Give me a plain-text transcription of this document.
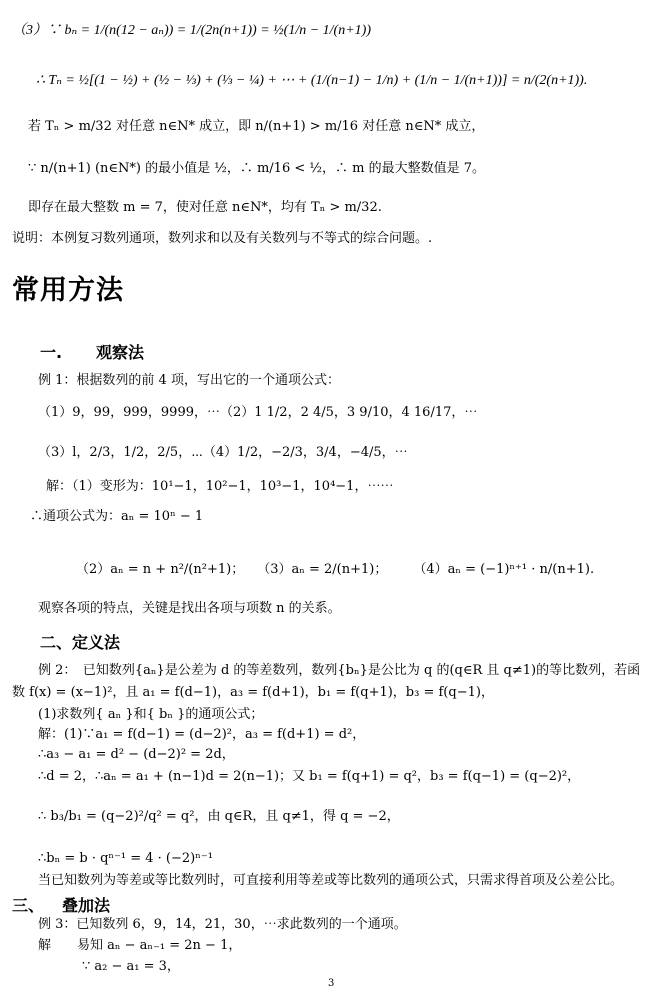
（3）∵ bₙ = 1/(n(12 − aₙ)) = 1/(2n(n+1)) = ½(1/n − 1/(n+1))
∴ Tₙ = ½[(1 − ½) + (½ − ⅓) + (⅓ − ¼) + ⋯ + (1/(n−1) − 1/n) + (1/n − 1/(n+1))] = n/(2(n+1)).
若 Tₙ > m/32 对任意 n∈N* 成立，即 n/(n+1) > m/16 对任意 n∈N* 成立，
∵ n/(n+1) (n∈N*) 的最小值是 ½，∴ m/16 < ½，∴ m 的最大整数值是 7。
即存在最大整数 m = 7，使对任意 n∈N*，均有 Tₙ > m/32.
说明：本例复习数列通项，数列求和以及有关数列与不等式的综合问题。.
常用方法
一. 观察法
例 1：根据数列的前 4 项，写出它的一个通项公式：
（1）9，99，999，9999，⋯（2）1 1/2，2 4/5，3 9/10，4 16/17，⋯
（3）l，2/3，1/2，2/5，⋯（4）1/2，−2/3，3/4，−4/5，⋯
解：（1）变形为：10¹−1，10²−1，10³−1，10⁴−1，⋯⋯
∴通项公式为：aₙ = 10ⁿ − 1
（2）aₙ = n + n²/(n²+1)；　　（3）aₙ = 2/(n+1)；　　　（4）aₙ = (−1)ⁿ⁺¹ · n/(n+1).
观察各项的特点，关键是找出各项与项数 n 的关系。
二、定义法
例 2：　已知数列{aₙ}是公差为 d 的等差数列，数列{bₙ}是公比为 q 的(q∈R 且 q≠1)的等比数列，若函
数 f(x) = (x−1)²，且 a₁ = f(d−1)，a₃ = f(d+1)，b₁ = f(q+1)，b₃ = f(q−1)，
(1)求数列{ aₙ }和{ bₙ }的通项公式；
解：(1)∵a₁ = f(d−1) = (d−2)²，a₃ = f(d+1) = d²，
∴a₃ − a₁ = d² − (d−2)² = 2d，
∴d = 2，∴aₙ = a₁ + (n−1)d = 2(n−1)；又 b₁ = f(q+1) = q²，b₃ = f(q−1) = (q−2)²，
∴ b₃/b₁ = (q−2)²/q² = q²，由 q∈R，且 q≠1，得 q = −2，
∴bₙ = b · qⁿ⁻¹ = 4 · (−2)ⁿ⁻¹
当已知数列为等差或等比数列时，可直接利用等差或等比数列的通项公式，只需求得首项及公差公比。
三、 叠加法
例 3：已知数列 6，9，14，21，30，⋯求此数列的一个通项。
解　　易知 aₙ − aₙ₋₁ = 2n − 1，
∵ a₂ − a₁ = 3，
3
